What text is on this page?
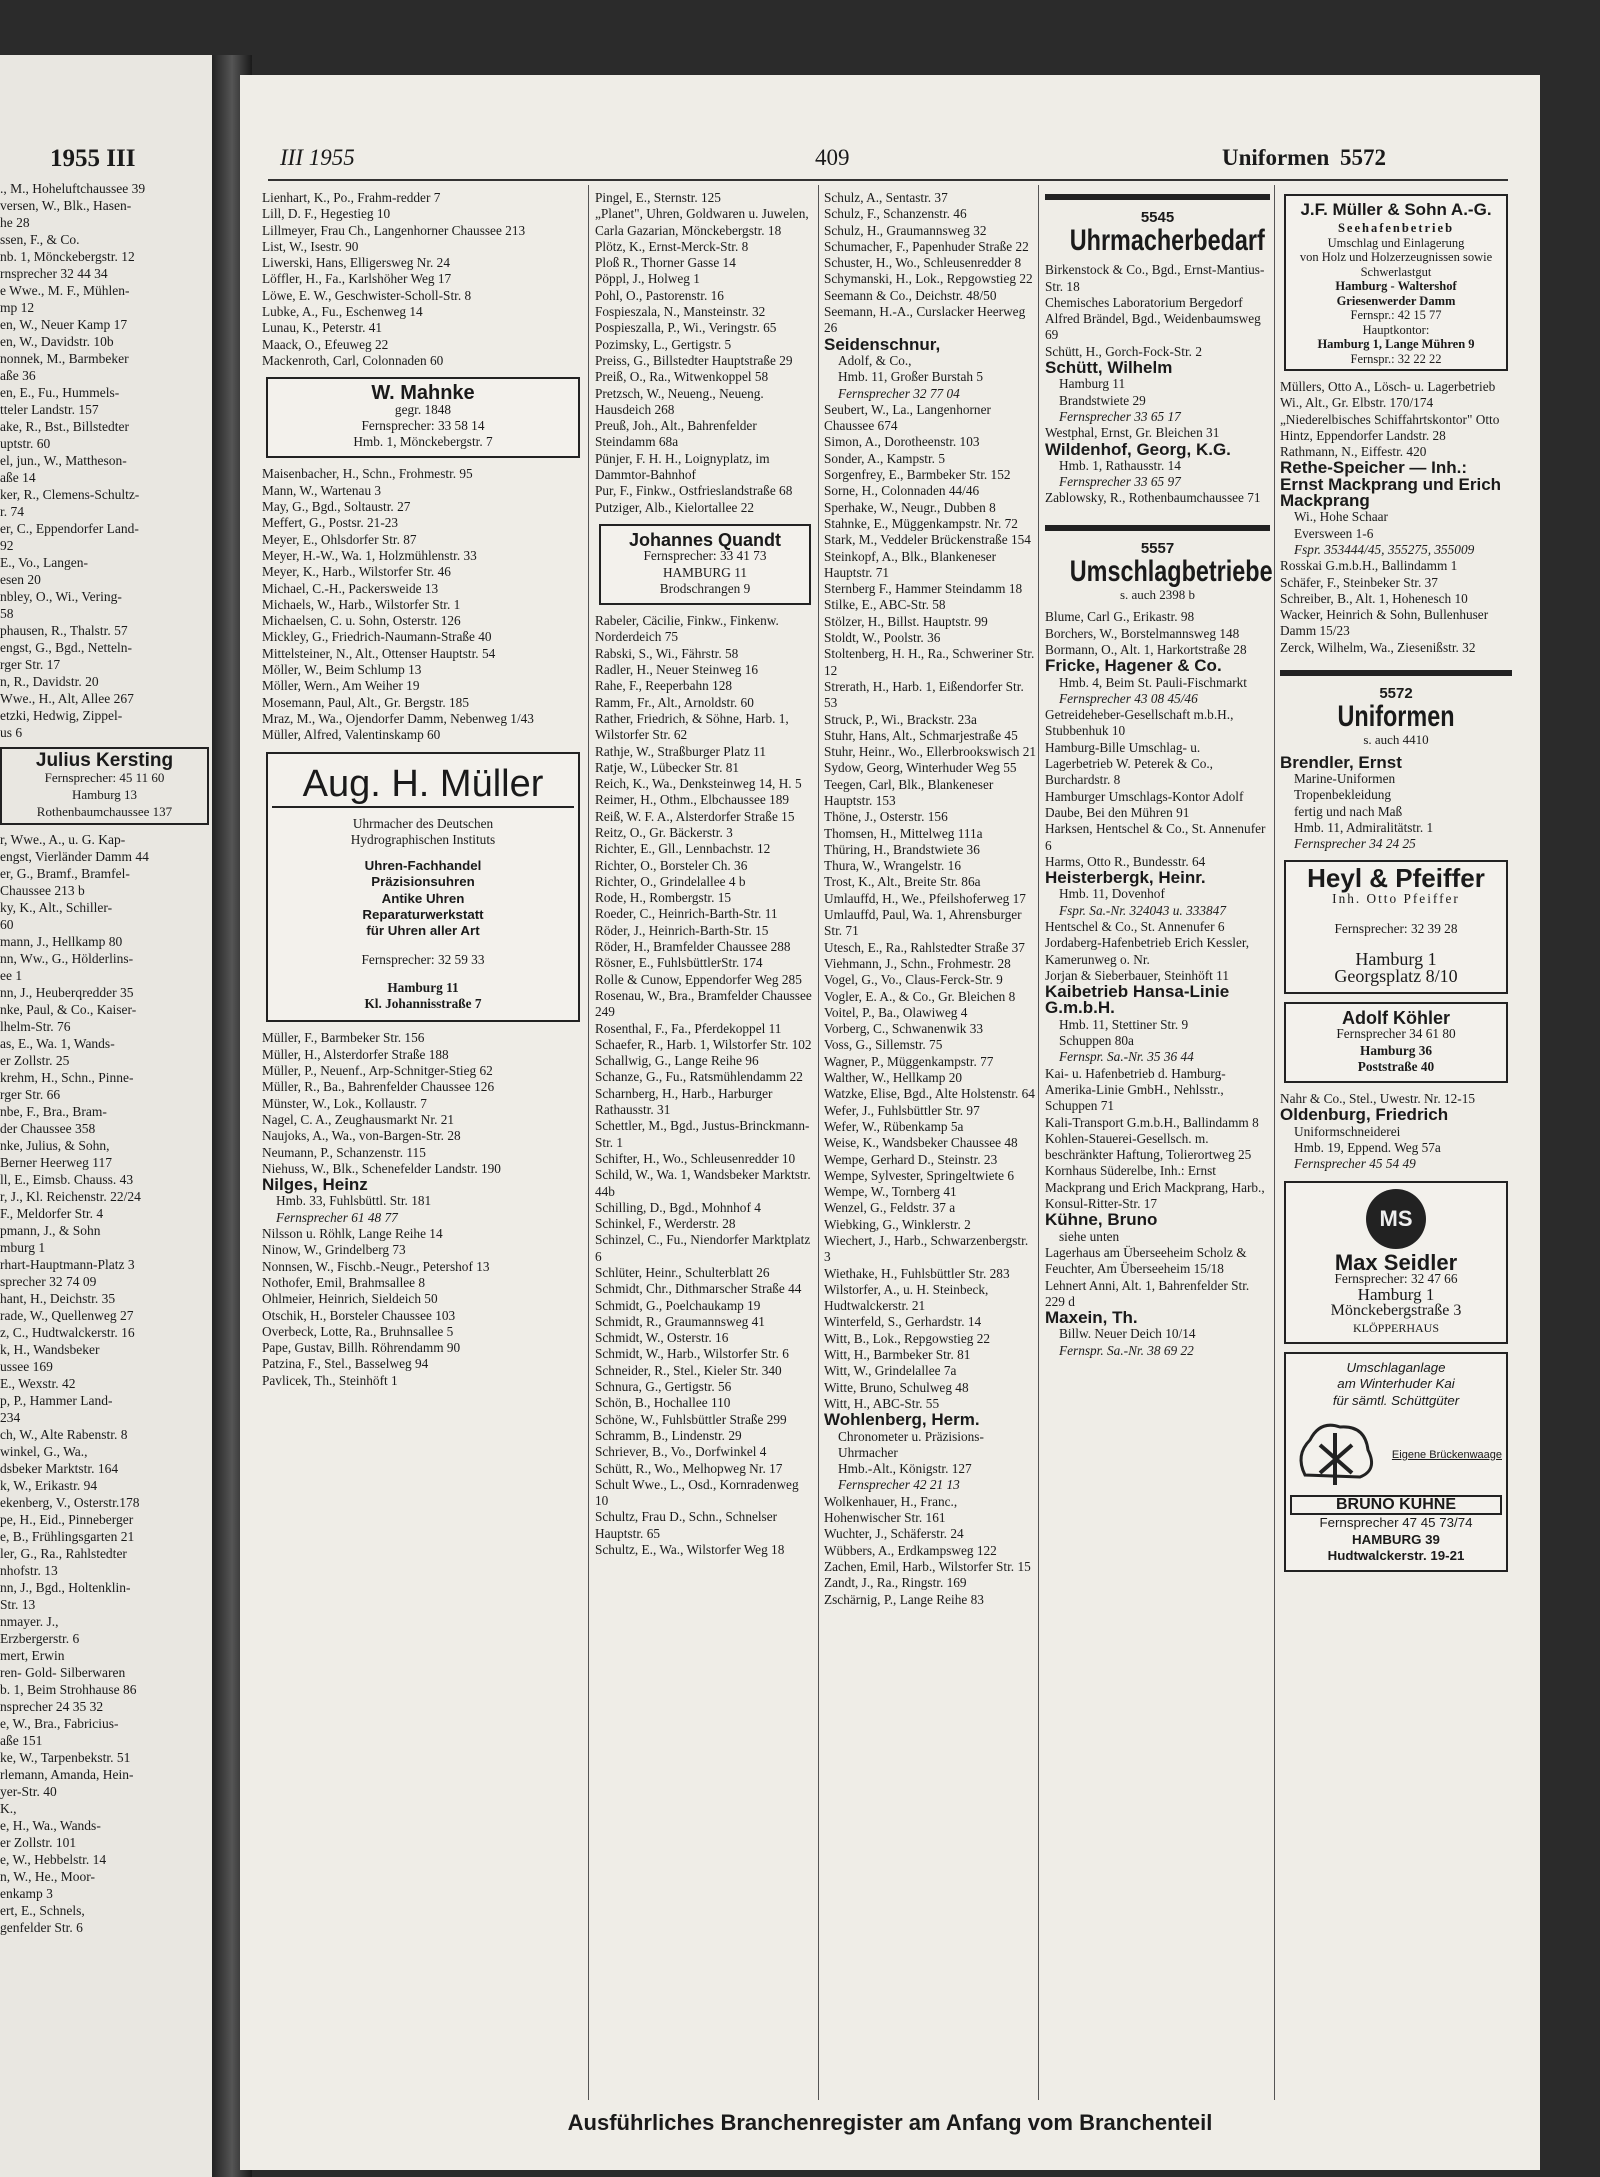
1955 III
., M., Hoheluftchaussee 39
versen, W., Blk., Hasen-
he 28
ssen, F., & Co.
nb. 1, Mönckebergstr. 12
rnsprecher 32 44 34
e Wwe., M. F., Mühlen-
mp 12
en, W., Neuer Kamp 17
en, W., Davidstr. 10b
nonnek, M., Barmbeker
aße 36
en, E., Fu., Hummels-
tteler Landstr. 157
ake, R., Bst., Billstedter
uptstr. 60
el, jun., W., Mattheson-
aße 14
ker, R., Clemens-Schultz-
r. 74
er, C., Eppendorfer Land-
92
E., Vo., Langen-
esen 20
nbley, O., Wi., Vering-
58
phausen, R., Thalstr. 57
engst, G., Bgd., Netteln-
rger Str. 17
n, R., Davidstr. 20
Wwe., H., Alt, Allee 267
etzki, Hedwig, Zippel-
us 6
Julius Kersting
Fernsprecher: 45 11 60
Hamburg 13
Rothenbaumchaussee 137
r, Wwe., A., u. G. Kap-
engst, Vierländer Damm 44
er, G., Bramf., Bramfel-
Chaussee 213 b
ky, K., Alt., Schiller-
60
mann, J., Hellkamp 80
nn, Ww., G., Hölderlins-
ee 1
nn, J., Heuberqredder 35
nke, Paul, & Co., Kaiser-
lhelm-Str. 76
as, E., Wa. 1, Wands-
er Zollstr. 25
krehm, H., Schn., Pinne-
rger Str. 66
nbe, F., Bra., Bram-
der Chaussee 358
nke, Julius, & Sohn,
Berner Heerweg 117
ll, E., Eimsb. Chauss. 43
r, J., Kl. Reichenstr. 22/24
F., Meldorfer Str. 4
pmann, J., & Sohn
mburg 1
rhart-Hauptmann-Platz 3
sprecher 32 74 09
hant, H., Deichstr. 35
rade, W., Quellenweg 27
z, C., Hudtwalckerstr. 16
k, H., Wandsbeker
ussee 169
E., Wexstr. 42
p, P., Hammer Land-
234
ch, W., Alte Rabenstr. 8
winkel, G., Wa.,
dsbeker Marktstr. 164
k, W., Erikastr. 94
ekenberg, V., Osterstr.178
pe, H., Eid., Pinneberger
e, B., Frühlingsgarten 21
ler, G., Ra., Rahlstedter
nhofstr. 13
nn, J., Bgd., Holtenklin-
Str. 13
nmayer. J.,
Erzbergerstr. 6
mert, Erwin
ren- Gold- Silberwaren
b. 1, Beim Strohhause 86
nsprecher 24 35 32
e, W., Bra., Fabricius-
aße 151
ke, W., Tarpenbekstr. 51
rlemann, Amanda, Hein-
yer-Str. 40
K.,
e, H., Wa., Wands-
er Zollstr. 101
e, W., Hebbelstr. 14
n, W., He., Moor-
enkamp 3
ert, E., Schnels,
genfelder Str. 6
III 1955	409	Uniformen 5572
Lienhart, K., Po., Frahm-redder 7
Lill, D. F., Hegestieg 10
Lillmeyer, Frau Ch., Langenhorner Chaussee 213
List, W., Isestr. 90
Liwerski, Hans, Elligersweg Nr. 24
Löffler, H., Fa., Karlshöher Weg 17
Löwe, E. W., Geschwister-Scholl-Str. 8
Lubke, A., Fu., Eschenweg 14
Lunau, K., Peterstr. 41
Maack, O., Efeuweg 22
Mackenroth, Carl, Colonnaden 60
W. Mahnke
gegr. 1848
Fernsprecher: 33 58 14
Hmb. 1, Mönckebergstr. 7
Maisenbacher, H., Schn., Frohmestr. 95
Mann, W., Wartenau 3
May, G., Bgd., Soltaustr. 27
Meffert, G., Postsr. 21-23
Meyer, E., Ohlsdorfer Str. 87
Meyer, H.-W., Wa. 1, Holzmühlenstr. 33
Meyer, K., Harb., Wilstorfer Str. 46
Michael, C.-H., Packersweide 13
Michaels, W., Harb., Wilstorfer Str. 1
Michaelsen, C. u. Sohn, Osterstr. 126
Mickley, G., Friedrich-Naumann-Straße 40
Mittelsteiner, N., Alt., Ottenser Hauptstr. 54
Möller, W., Beim Schlump 13
Möller, Wern., Am Weiher 19
Mosemann, Paul, Alt., Gr. Bergstr. 185
Mraz, M., Wa., Ojendorfer Damm, Nebenweg 1/43
Müller, Alfred, Valentinskamp 60
Aug. H. Müller
Uhrmacher des Deutschen
Hydrographischen Instituts
Uhren-Fachhandel
Präzisionsuhren
Antike Uhren
Reparaturwerkstatt
für Uhren aller Art
Fernsprecher: 32 59 33
Hamburg 11
Kl. Johannisstraße 7
Müller, F., Barmbeker Str. 156
Müller, H., Alsterdorfer Straße 188
Müller, P., Neuenf., Arp-Schnitger-Stieg 62
Müller, R., Ba., Bahrenfelder Chaussee 126
Münster, W., Lok., Kollaustr. 7
Nagel, C. A., Zeughausmarkt Nr. 21
Naujoks, A., Wa., von-Bargen-Str. 28
Neumann, P., Schanzenstr. 115
Niehuss, W., Blk., Schenefelder Landstr. 190
Nilges, Heinz
Hmb. 33, Fuhlsbüttl. Str. 181
Fernsprecher 61 48 77
Nilsson u. Röhlk, Lange Reihe 14
Ninow, W., Grindelberg 73
Nonnsen, W., Fischb.-Neugr., Petershof 13
Nothofer, Emil, Brahmsallee 8
Ohlmeier, Heinrich, Sieldeich 50
Otschik, H., Borsteler Chaussee 103
Overbeck, Lotte, Ra., Bruhnsallee 5
Pape, Gustav, Billh. Röhrendamm 90
Patzina, F., Stel., Basselweg 94
Pavlicek, Th., Steinhöft 1
Pingel, E., Sternstr. 125
„Planet", Uhren, Goldwaren u. Juwelen, Carla Gazarian, Mönckebergstr. 18
Plötz, K., Ernst-Merck-Str. 8
Ploß R., Thorner Gasse 14
Pöppl, J., Holweg 1
Pohl, O., Pastorenstr. 16
Fospieszala, N., Mansteinstr. 32
Pospieszalla, P., Wi., Veringstr. 65
Pozimsky, L., Gertigstr. 5
Preiss, G., Billstedter Hauptstraße 29
Preiß, O., Ra., Witwenkoppel 58
Pretzsch, W., Neueng., Neueng. Hausdeich 268
Preuß, Joh., Alt., Bahrenfelder Steindamm 68a
Pünjer, F. H. H., Loignyplatz, im Dammtor-Bahnhof
Pur, F., Finkw., Ostfrieslandstraße 68
Putziger, Alb., Kielortallee 22
Johannes Quandt
Fernsprecher: 33 41 73
HAMBURG 11
Brodschrangen 9
Rabeler, Cäcilie, Finkw., Finkenw. Norderdeich 75
Rabski, S., Wi., Fährstr. 58
Radler, H., Neuer Steinweg 16
Rahe, F., Reeperbahn 128
Ramm, Fr., Alt., Arnoldstr. 60
Rather, Friedrich, & Söhne, Harb. 1, Wilstorfer Str. 62
Rathje, W., Straßburger Platz 11
Ratje, W., Lübecker Str. 81
Reich, K., Wa., Denksteinweg 14, H. 5
Reimer, H., Othm., Elbchaussee 189
Reiß, W. F. A., Alsterdorfer Straße 15
Reitz, O., Gr. Bäckerstr. 3
Richter, E., Gll., Lennbachstr. 12
Richter, O., Borsteler Ch. 36
Richter, O., Grindelallee 4 b
Rode, H., Rombergstr. 15
Roeder, C., Heinrich-Barth-Str. 11
Röder, J., Heinrich-Barth-Str. 15
Röder, H., Bramfelder Chaussee 288
Rösner, E., FuhlsbüttlerStr. 174
Rolle & Cunow, Eppendorfer Weg 285
Rosenau, W., Bra., Bramfelder Chaussee 249
Rosenthal, F., Fa., Pferdekoppel 11
Schaefer, R., Harb. 1, Wilstorfer Str. 102
Schallwig, G., Lange Reihe 96
Schanze, G., Fu., Ratsmühlendamm 22
Scharnberg, H., Harb., Harburger Rathausstr. 31
Schettler, M., Bgd., Justus-Brinckmann-Str. 1
Schifter, H., Wo., Schleusenredder 10
Schild, W., Wa. 1, Wandsbeker Marktstr. 44b
Schilling, D., Bgd., Mohnhof 4
Schinkel, F., Werderstr. 28
Schinzel, C., Fu., Niendorfer Marktplatz 6
Schlüter, Heinr., Schulterblatt 26
Schmidt, Chr., Dithmarscher Straße 44
Schmidt, G., Poelchaukamp 19
Schmidt, R., Graumannsweg 41
Schmidt, W., Osterstr. 16
Schmidt, W., Harb., Wilstorfer Str. 6
Schneider, R., Stel., Kieler Str. 340
Schnura, G., Gertigstr. 56
Schön, B., Hochallee 110
Schöne, W., Fuhlsbüttler Straße 299
Schramm, B., Lindenstr. 29
Schriever, B., Vo., Dorfwinkel 4
Schütt, R., Wo., Melhopweg Nr. 17
Schult Wwe., L., Osd., Kornradenweg 10
Schultz, Frau D., Schn., Schnelser Hauptstr. 65
Schultz, E., Wa., Wilstorfer Weg 18
Schulz, A., Sentastr. 37
Schulz, F., Schanzenstr. 46
Schulz, H., Graumannsweg 32
Schumacher, F., Papenhuder Straße 22
Schuster, H., Wo., Schleusenredder 8
Schymanski, H., Lok., Repgowstieg 22
Seemann & Co., Deichstr. 48/50
Seemann, H.-A., Curslacker Heerweg 26
Seidenschnur,
Adolf, & Co.,
Hmb. 11, Großer Burstah 5
Fernsprecher 32 77 04
Seubert, W., La., Langenhorner Chaussee 674
Simon, A., Dorotheenstr. 103
Sonder, A., Kampstr. 5
Sorgenfrey, E., Barmbeker Str. 152
Sorne, H., Colonnaden 44/46
Sperhake, W., Neugr., Dubben 8
Stahnke, E., Müggenkampstr. Nr. 72
Stark, M., Veddeler Brückenstraße 154
Steinkopf, A., Blk., Blankeneser Hauptstr. 71
Sternberg F., Hammer Steindamm 18
Stilke, E., ABC-Str. 58
Stölzer, H., Billst. Hauptstr. 99
Stoldt, W., Poolstr. 36
Stoltenberg, H. H., Ra., Schweriner Str. 12
Strerath, H., Harb. 1, Eißendorfer Str. 53
Struck, P., Wi., Brackstr. 23a
Stuhr, Hans, Alt., Schmarjestraße 45
Stuhr, Heinr., Wo., Ellerbrookswisch 21
Sydow, Georg, Winterhuder Weg 55
Teegen, Carl, Blk., Blankeneser Hauptstr. 153
Thöne, J., Osterstr. 156
Thomsen, H., Mittelweg 111a
Thüring, H., Brandstwiete 36
Thura, W., Wrangelstr. 16
Trost, K., Alt., Breite Str. 86a
Umlauffd, H., We., Pfeilshoferweg 17
Umlauffd, Paul, Wa. 1, Ahrensburger Str. 71
Utesch, E., Ra., Rahlstedter Straße 37
Viehmann, J., Schn., Frohmestr. 28
Vogel, G., Vo., Claus-Ferck-Str. 9
Vogler, E. A., & Co., Gr. Bleichen 8
Voitel, P., Ba., Olawiweg 4
Vorberg, C., Schwanenwik 33
Voss, G., Sillemstr. 75
Wagner, P., Müggenkampstr. 77
Walther, W., Hellkamp 20
Watzke, Elise, Bgd., Alte Holstenstr. 64
Wefer, J., Fuhlsbüttler Str. 97
Wefer, W., Rübenkamp 5a
Weise, K., Wandsbeker Chaussee 48
Wempe, Gerhard D., Steinstr. 23
Wempe, Sylvester, Springeltwiete 6
Wempe, W., Tornberg 41
Wenzel, G., Feldstr. 37 a
Wiebking, G., Winklerstr. 2
Wiechert, J., Harb., Schwarzenbergstr. 3
Wiethake, H., Fuhlsbüttler Str. 283
Wilstorfer, A., u. H. Steinbeck, Hudtwalckerstr. 21
Winterfeld, S., Gerhardstr. 14
Witt, B., Lok., Repgowstieg 22
Witt, H., Barmbeker Str. 81
Witt, W., Grindelallee 7a
Witte, Bruno, Schulweg 48
Witt, H., ABC-Str. 55
Wohlenberg, Herm.
Chronometer u. Präzisions-Uhrmacher
Hmb.-Alt., Königstr. 127
Fernsprecher 42 21 13
Wolkenhauer, H., Franc., Hohenwischer Str. 161
Wuchter, J., Schäferstr. 24
Wübbers, A., Erdkampsweg 122
Zachen, Emil, Harb., Wilstorfer Str. 15
Zandt, J., Ra., Ringstr. 169
Zschärnig, P., Lange Reihe 83
5545
Uhrmacherbedarf
Birkenstock & Co., Bgd., Ernst-Mantius-Str. 18
Chemisches Laboratorium Bergedorf Alfred Brändel, Bgd., Weidenbaumsweg 69
Schütt, H., Gorch-Fock-Str. 2
Schütt, Wilhelm
Hamburg 11
Brandstwiete 29
Fernsprecher 33 65 17
Westphal, Ernst, Gr. Bleichen 31
Wildenhof, Georg, K.G.
Hmb. 1, Rathausstr. 14
Fernsprecher 33 65 97
Zablowsky, R., Rothenbaumchaussee 71
5557
Umschlagbetriebe
s. auch 2398 b
Blume, Carl G., Erikastr. 98
Borchers, W., Borstelmannsweg 148
Bormann, O., Alt. 1, Harkortstraße 28
Fricke, Hagener & Co.
Hmb. 4, Beim St. Pauli-Fischmarkt
Fernsprecher 43 08 45/46
Getreideheber-Gesellschaft m.b.H., Stubbenhuk 10
Hamburg-Bille Umschlag- u. Lagerbetrieb W. Peterek & Co., Burchardstr. 8
Hamburger Umschlags-Kontor Adolf Daube, Bei den Mühren 91
Harksen, Hentschel & Co., St. Annenufer 6
Harms, Otto R., Bundesstr. 64
Heisterbergk, Heinr.
Hmb. 11, Dovenhof
Fspr. Sa.-Nr. 324043 u. 333847
Hentschel & Co., St. Annenufer 6
Jordaberg-Hafenbetrieb Erich Kessler, Kamerunweg o. Nr.
Jorjan & Sieberbauer, Steinhöft 11
Kaibetrieb Hansa-Linie G.m.b.H.
Hmb. 11, Stettiner Str. 9
Schuppen 80a
Fernspr. Sa.-Nr. 35 36 44
Kai- u. Hafenbetrieb d. Hamburg-Amerika-Linie GmbH., Nehlsstr., Schuppen 71
Kali-Transport G.m.b.H., Ballindamm 8
Kohlen-Stauerei-Gesellsch. m. beschränkter Haftung, Tolierortweg 25
Kornhaus Süderelbe, Inh.: Ernst Mackprang und Erich Mackprang, Harb., Konsul-Ritter-Str. 17
Kühne, Bruno
siehe unten
Lagerhaus am Überseeheim Scholz & Feuchter, Am Überseeheim 15/18
Lehnert Anni, Alt. 1, Bahrenfelder Str. 229 d
Maxein, Th.
Billw. Neuer Deich 10/14
Fernspr. Sa.-Nr. 38 69 22
J.F. Müller & Sohn A.-G.
Seehafenbetrieb
Umschlag und Einlagerung
von Holz und Holzerzeugnissen sowie Schwerlastgut
Hamburg - Waltershof
Griesenwerder Damm
Fernspr.: 42 15 77
Hauptkontor:
Hamburg 1, Lange Mühren 9
Fernspr.: 32 22 22
Müllers, Otto A., Lösch- u. Lagerbetrieb Wi., Alt., Gr. Elbstr. 170/174
„Niederelbisches Schiffahrtskontor" Otto Hintz, Eppendorfer Landstr. 28
Rathmann, N., Eiffestr. 420
Rethe-Speicher — Inh.: Ernst Mackprang und Erich Mackprang
Wi., Hohe Schaar
Eversween 1-6
Fspr. 353444/45, 355275, 355009
Rosskai G.m.b.H., Ballindamm 1
Schäfer, F., Steinbeker Str. 37
Schreiber, B., Alt. 1, Hohenesch 10
Wacker, Heinrich & Sohn, Bullenhuser Damm 15/23
Zerck, Wilhelm, Wa., Ziesenißstr. 32
5572
Uniformen
s. auch 4410
Brendler, Ernst
Marine-Uniformen
Tropenbekleidung
fertig und nach Maß
Hmb. 11, Admiralitätstr. 1
Fernsprecher 34 24 25
Heyl & Pfeiffer
Inh. Otto Pfeiffer
Fernsprecher: 32 39 28
Hamburg 1
Georgsplatz 8/10
Adolf Köhler
Fernsprecher 34 61 80
Hamburg 36
Poststraße 40
Nahr & Co., Stel., Uwestr. Nr. 12-15
Oldenburg, Friedrich
Uniformschneiderei
Hmb. 19, Eppend. Weg 57a
Fernsprecher 45 54 49
MS
Max Seidler
Fernsprecher: 32 47 66
Hamburg 1
Mönckebergstraße 3
KLÖPPERHAUS
Umschlaganlage
am Winterhuder Kai
für sämtl. Schüttgüter
Eigene Brückenwaage
BRUNO KÜHNE
Fernsprecher 47 45 73/74
HAMBURG 39
Hudtwalckerstr. 19-21
Ausführliches Branchenregister am Anfang vom Branchenteil
